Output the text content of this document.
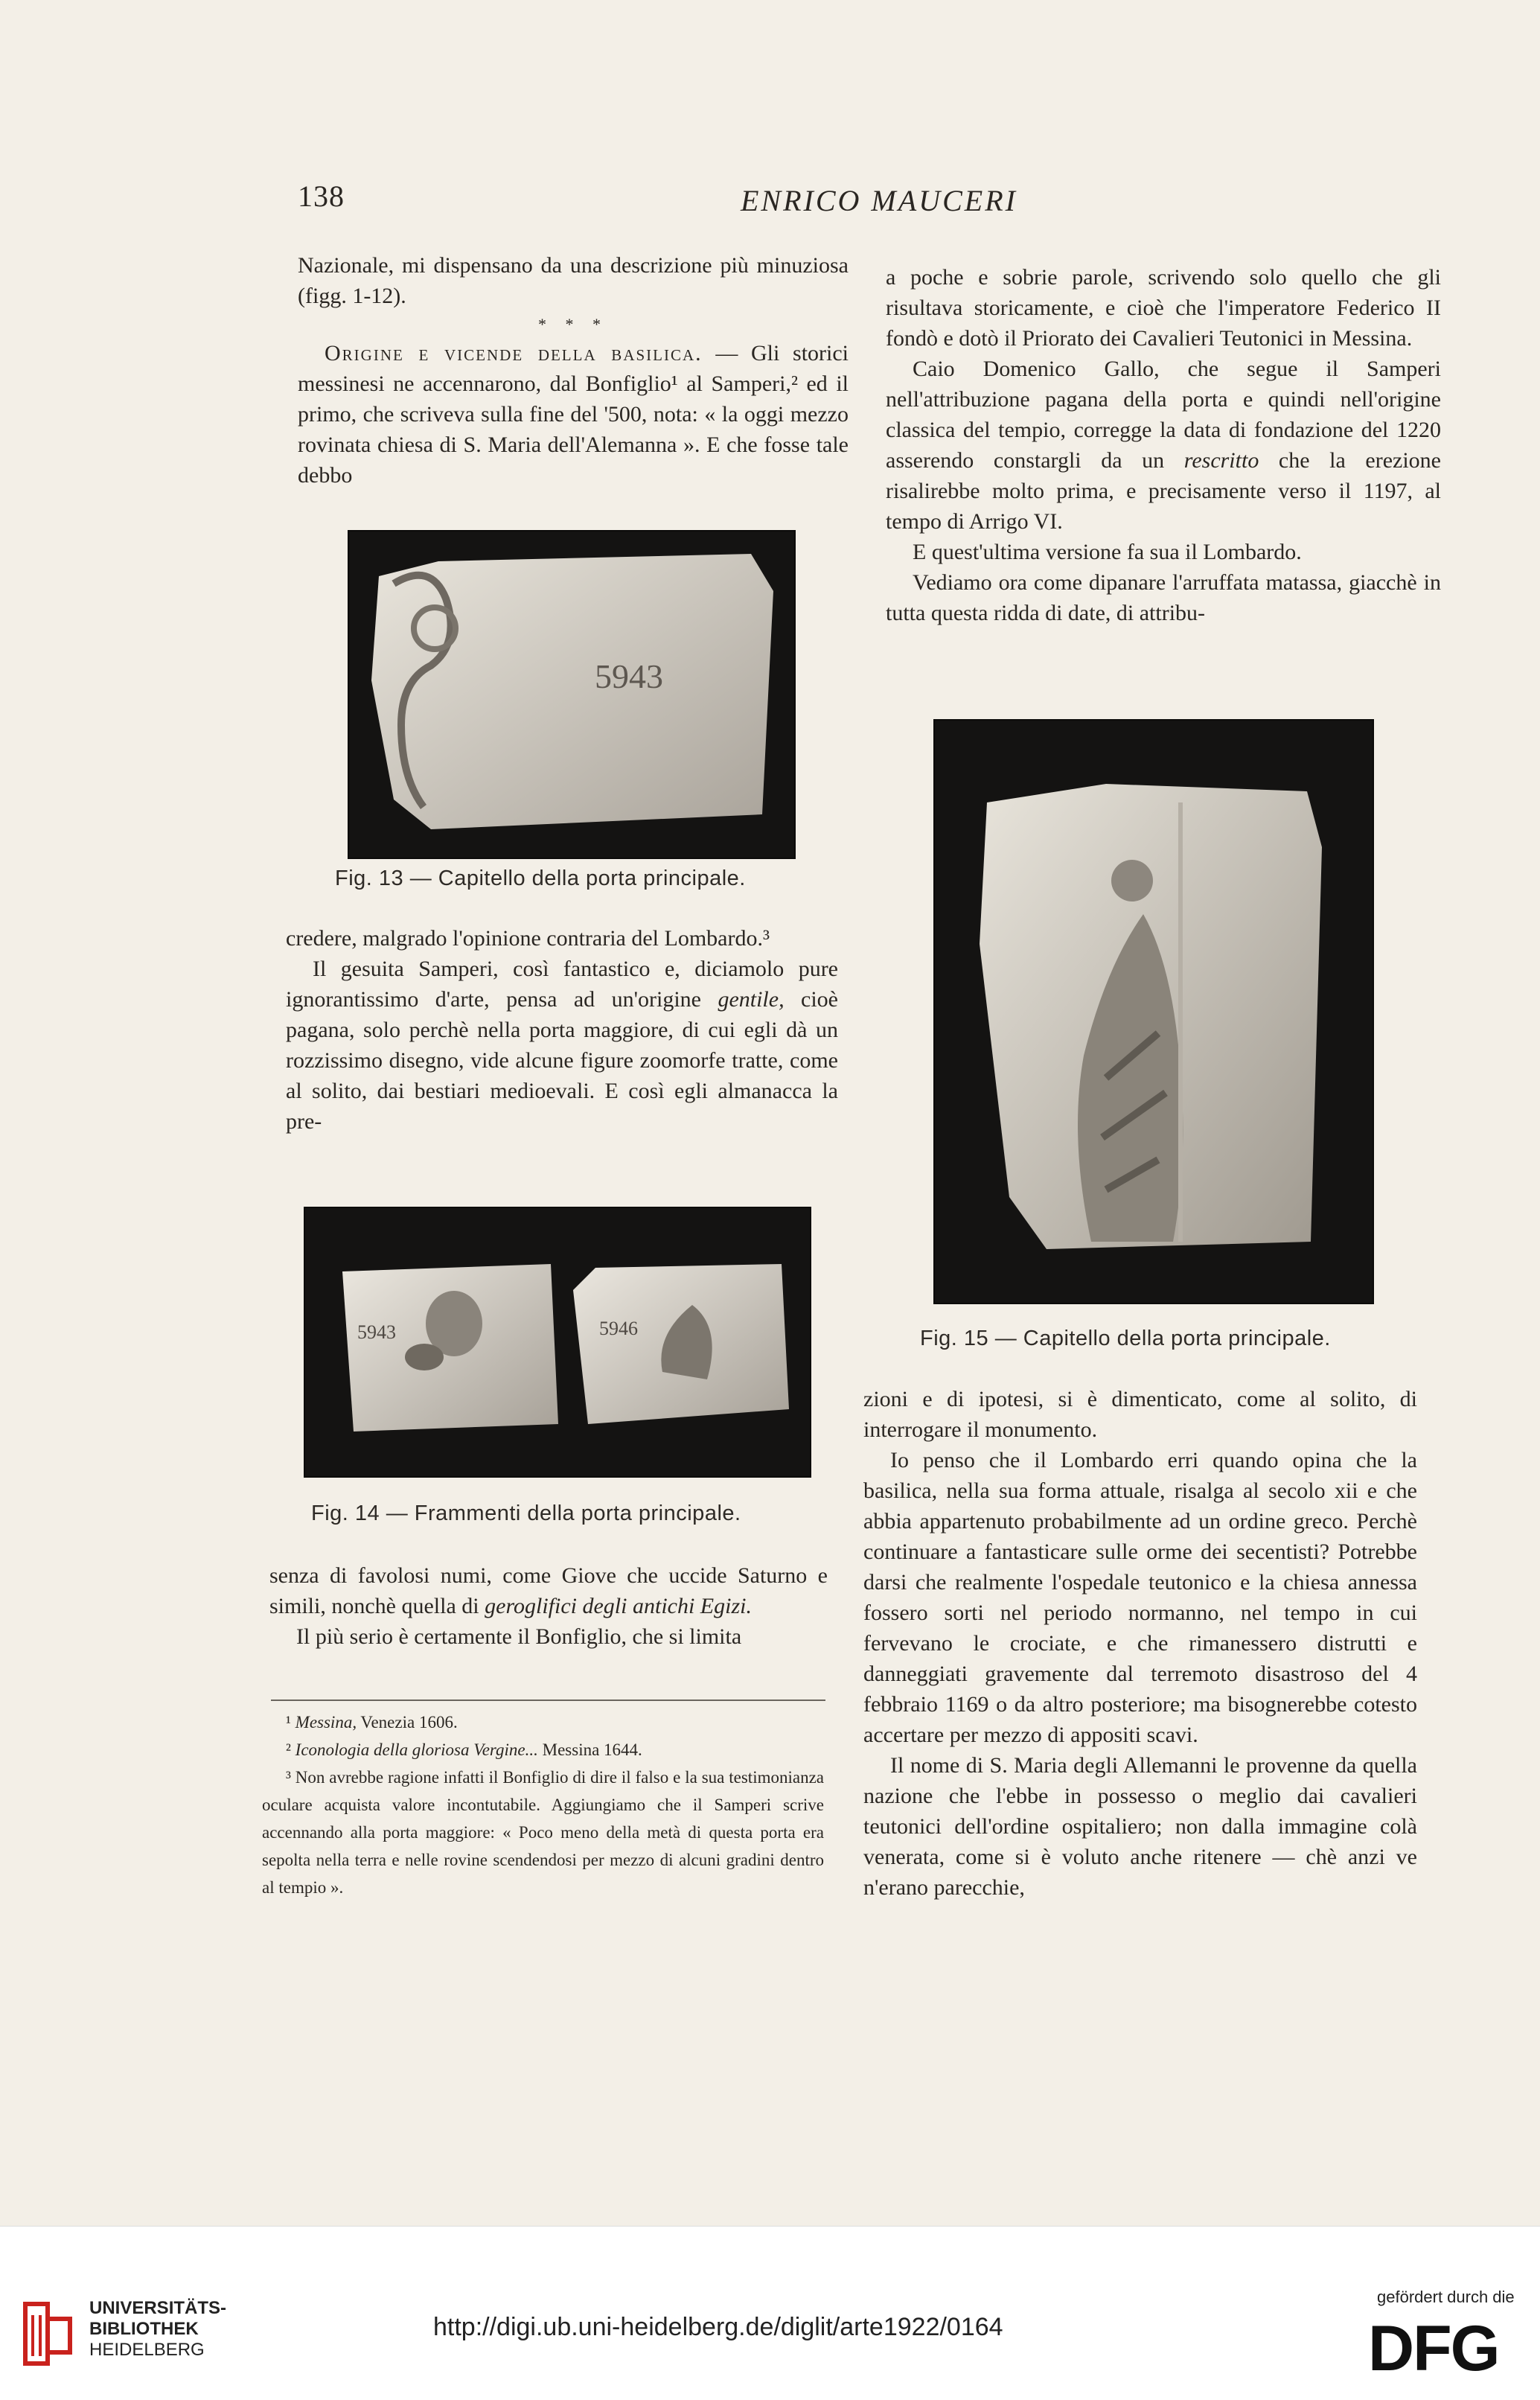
138	ENRICO MAUCERI

Nazionale, mi dispensano da una descrizione più minuziosa (figg. 1-12).

* * *

Origine e vicende della basilica. — Gli storici messinesi ne accennarono, dal Bonfiglio¹ al Samperi,² ed il primo, che scriveva sulla fine del '500, nota: « la oggi mezzo rovinata chiesa di S. Maria dell'Alemanna ». E che fosse tale debbo

5943
Fig. 13 — Capitello della porta principale.

credere, malgrado l'opinione contraria del Lombardo.³

Il gesuita Samperi, così fantastico e, diciamolo pure ignorantissimo d'arte, pensa ad un'origine gentile, cioè pagana, solo perchè nella porta maggiore, di cui egli dà un rozzissimo disegno, vide alcune figure zoomorfe tratte, come al solito, dai bestiari medioevali. E così egli almanacca la pre-

5943	5946
Fig. 14 — Frammenti della porta principale.

senza di favolosi numi, come Giove che uccide Saturno e simili, nonchè quella di geroglifici degli antichi Egizi.

Il più serio è certamente il Bonfiglio, che si limita

¹ Messina, Venezia 1606.

² Iconologia della gloriosa Vergine... Messina 1644.

³ Non avrebbe ragione infatti il Bonfiglio di dire il falso e la sua testimonianza oculare acquista valore incontutabile. Aggiungiamo che il Samperi scrive accennando alla porta maggiore: « Poco meno della metà di questa porta era sepolta nella terra e nelle rovine scendendosi per mezzo di alcuni gradini dentro al tempio ».

a poche e sobrie parole, scrivendo solo quello che gli risultava storicamente, e cioè che l'imperatore Federico II fondò e dotò il Priorato dei Cavalieri Teutonici in Messina.

Caio Domenico Gallo, che segue il Samperi nell'attribuzione pagana della porta e quindi nell'origine classica del tempio, corregge la data di fondazione del 1220 asserendo constargli da un rescritto che la erezione risalirebbe molto prima, e precisamente verso il 1197, al tempo di Arrigo VI.

E quest'ultima versione fa sua il Lombardo.

Vediamo ora come dipanare l'arruffata matassa, giacchè in tutta questa ridda di date, di attribu-

Fig. 15 — Capitello della porta principale.

zioni e di ipotesi, si è dimenticato, come al solito, di interrogare il monumento.

Io penso che il Lombardo erri quando opina che la basilica, nella sua forma attuale, risalga al secolo xii e che abbia appartenuto probabilmente ad un ordine greco. Perchè continuare a fantasticare sulle orme dei secentisti? Potrebbe darsi che realmente l'ospedale teutonico e la chiesa annessa fossero sorti nel periodo normanno, nel tempo in cui fervevano le crociate, e che rimanessero distrutti e danneggiati gravemente dal terremoto disastroso del 4 febbraio 1169 o da altro posteriore; ma bisognerebbe cotesto accertare per mezzo di appositi scavi.

Il nome di S. Maria degli Allemanni le provenne da quella nazione che l'ebbe in possesso o meglio dai cavalieri teutonici dell'ordine ospitaliero; non dalla immagine colà venerata, come si è voluto anche ritenere — chè anzi ve n'erano parecchie,

UNIVERSITÄTS-
BIBLIOTHEK
HEIDELBERG
http://digi.ub.uni-heidelberg.de/diglit/arte1922/0164
gefördert durch die
DFG
